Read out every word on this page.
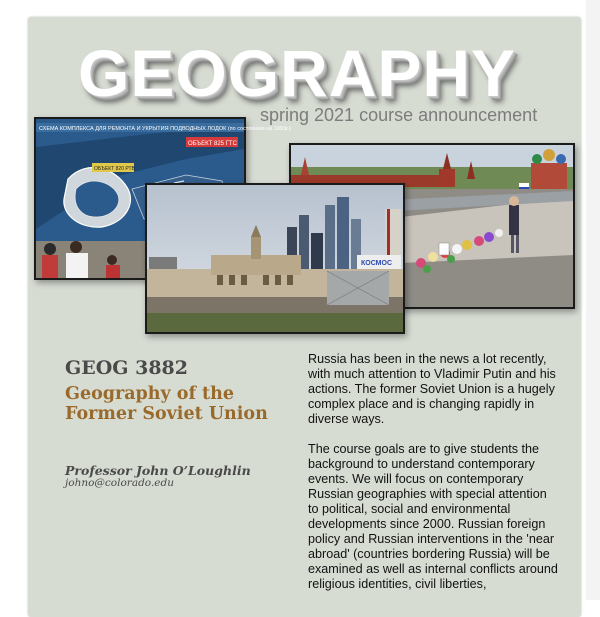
GEOGRAPHY
spring 2021 course announcement
СХЕМА КОМПЛЕКСА ДЛЯ РЕМОНТА И УКРЫТИЯ ПОДВОДНЫХ ЛОДОК (по состоянию на 1993г.)
ОБЪЕКТ 825 ГТС
ОБЪЕКТ 820 РТВ
КОСМОС
GEOG 3882
Geography of the Former Soviet Union
Professor John O’Loughlin
johno@colorado.edu

Russia has been in the news a lot recently, with much attention to Vladimir Putin and his actions. The former Soviet Union is a hugely complex place and is changing rapidly in diverse ways.

The course goals are to give students the background to understand contemporary events. We will focus on contemporary Russian geographies with special attention to political, social and environmental developments since 2000. Russian foreign policy and Russian interventions in the 'near abroad' (countries bordering Russia) will be examined as well as internal conflicts around religious identities, civil liberties,
